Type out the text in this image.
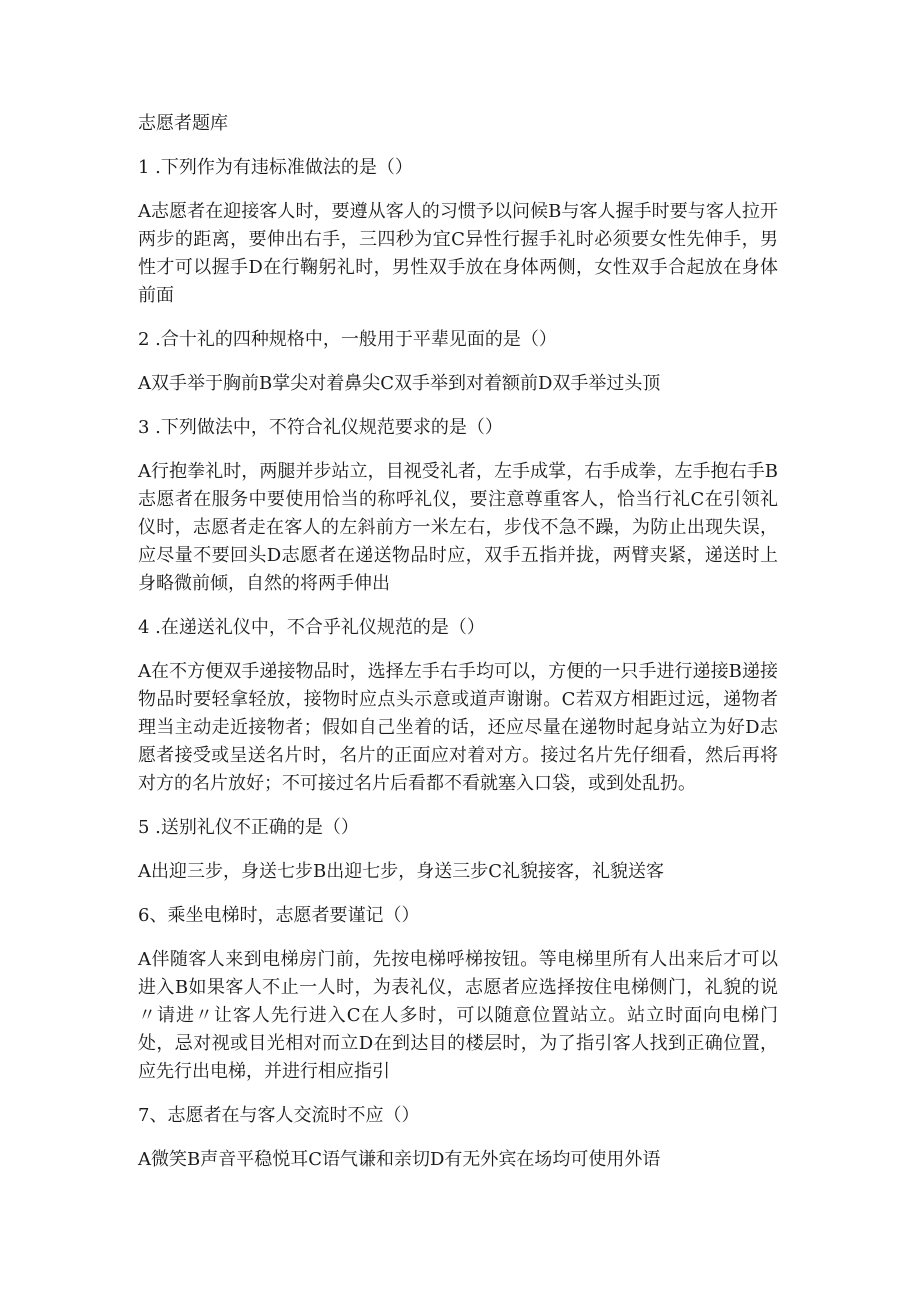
志愿者题库
1 .下列作为有违标准做法的是（）
A志愿者在迎接客人时，要遵从客人的习惯予以问候B与客人握手时要与客人拉开两步的距离，要伸出右手，三四秒为宜C异性行握手礼时必须要女性先伸手，男性才可以握手D在行鞠躬礼时，男性双手放在身体两侧，女性双手合起放在身体前面
2 .合十礼的四种规格中，一般用于平辈见面的是（）
A双手举于胸前B掌尖对着鼻尖C双手举到对着额前D双手举过头顶
3 .下列做法中，不符合礼仪规范要求的是（）
A行抱拳礼时，两腿并步站立，目视受礼者，左手成掌，右手成拳，左手抱右手B志愿者在服务中要使用恰当的称呼礼仪，要注意尊重客人，恰当行礼C在引领礼仪时，志愿者走在客人的左斜前方一米左右，步伐不急不躁，为防止出现失误，应尽量不要回头D志愿者在递送物品时应，双手五指并拢，两臂夹紧，递送时上身略微前倾，自然的将两手伸出
4 .在递送礼仪中，不合乎礼仪规范的是（）
A在不方便双手递接物品时，选择左手右手均可以，方便的一只手进行递接B递接物品时要轻拿轻放，接物时应点头示意或道声谢谢。C若双方相距过远，递物者理当主动走近接物者；假如自己坐着的话，还应尽量在递物时起身站立为好D志愿者接受或呈送名片时，名片的正面应对着对方。接过名片先仔细看，然后再将对方的名片放好；不可接过名片后看都不看就塞入口袋，或到处乱扔。
5 .送别礼仪不正确的是（）
A出迎三步，身送七步B出迎七步，身送三步C礼貌接客，礼貌送客
6、乘坐电梯时，志愿者要谨记（）
A伴随客人来到电梯房门前，先按电梯呼梯按钮。等电梯里所有人出来后才可以进入B如果客人不止一人时，为表礼仪，志愿者应选择按住电梯侧门，礼貌的说〃请进〃让客人先行进入C在人多时，可以随意位置站立。站立时面向电梯门处，忌对视或目光相对而立D在到达目的楼层时，为了指引客人找到正确位置，应先行出电梯，并进行相应指引
7、志愿者在与客人交流时不应（）
A微笑B声音平稳悦耳C语气谦和亲切D有无外宾在场均可使用外语
